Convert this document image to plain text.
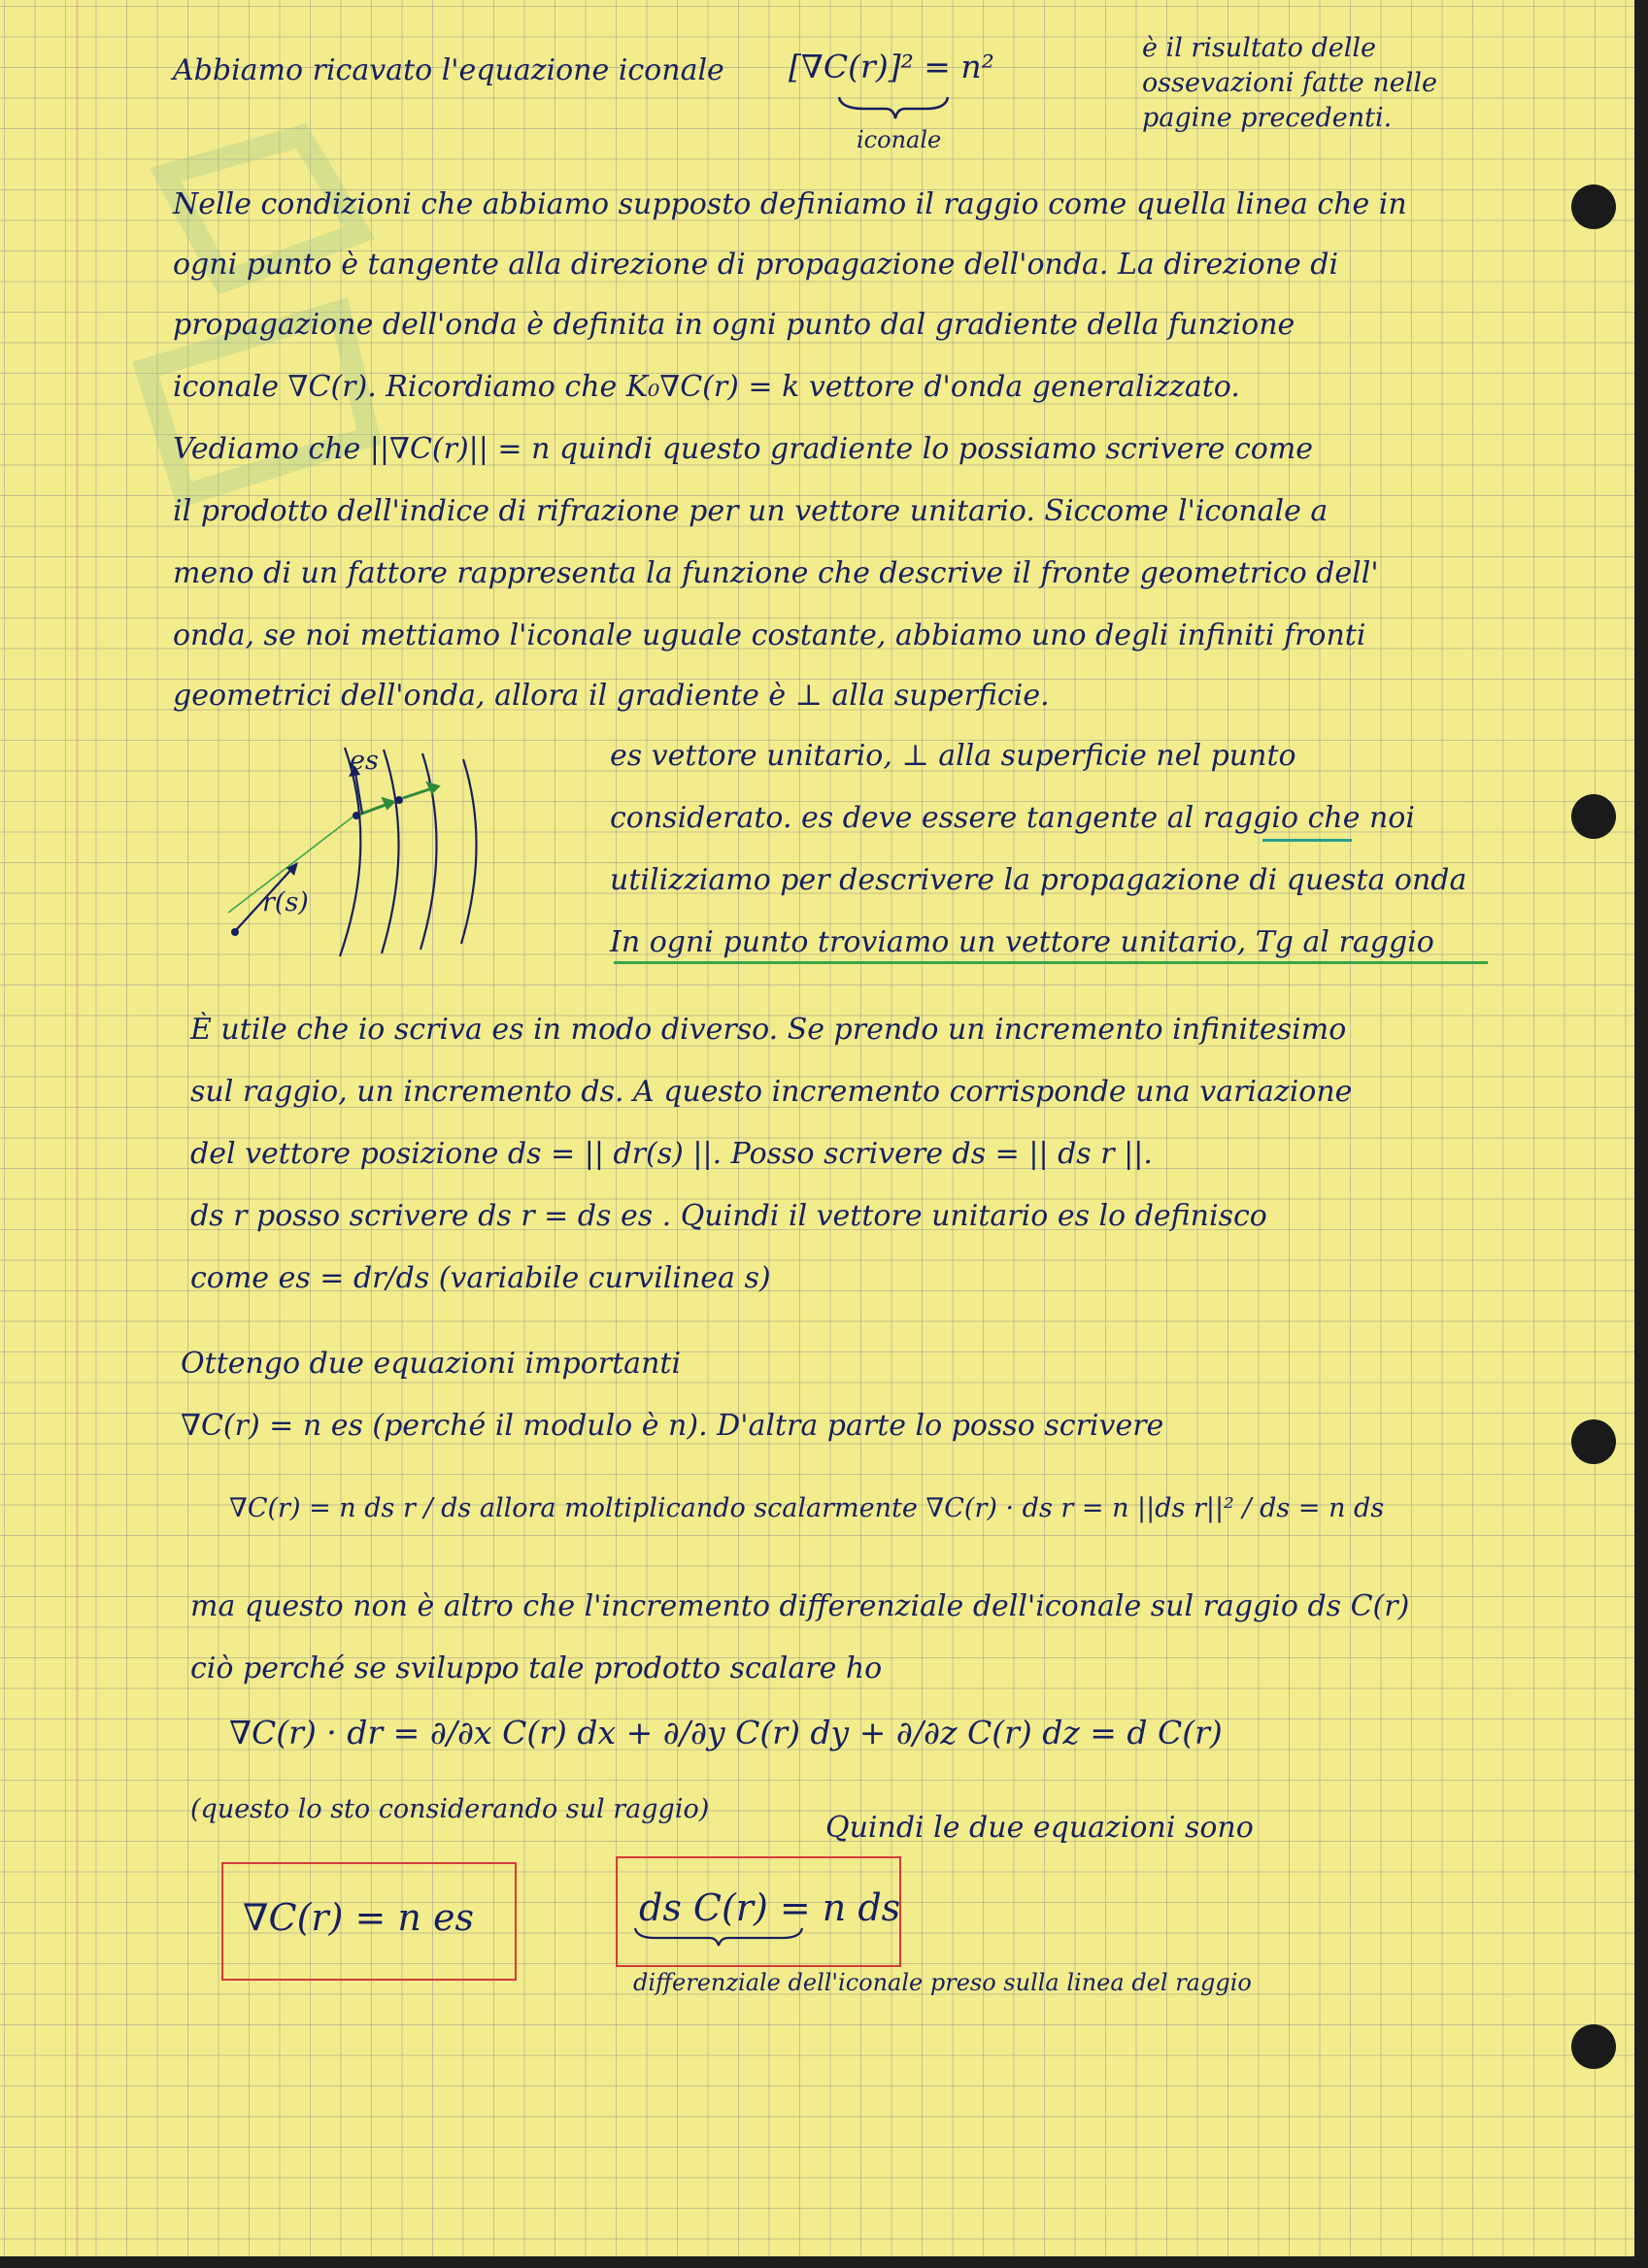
Abbiamo ricavato l'equazione iconale [∇C(r)]² = n²
iconale
è il risultato delle
ossevazioni fatte nelle
pagine precedenti.
Nelle condizioni che abbiamo supposto definiamo il raggio come quella linea che in
ogni punto è tangente alla direzione di propagazione dell'onda. La direzione di
propagazione dell'onda è definita in ogni punto dal gradiente della funzione
iconale ∇C(r). Ricordiamo che K₀∇C(r) = k vettore d'onda generalizzato.
Vediamo che ||∇C(r)|| = n quindi questo gradiente lo possiamo scrivere come
il prodotto dell'indice di rifrazione per un vettore unitario. Siccome l'iconale a
meno di un fattore rappresenta la funzione che descrive il fronte geometrico dell'
onda, se noi mettiamo l'iconale uguale costante, abbiamo uno degli infiniti fronti
geometrici dell'onda, allora il gradiente è ⊥ alla superficie.
es
r(s)
es vettore unitario, ⊥ alla superficie nel punto
considerato. es deve essere tangente al raggio che noi
utilizziamo per descrivere la propagazione di questa onda
In ogni punto troviamo un vettore unitario, Tg al raggio
È utile che io scriva es in modo diverso. Se prendo un incremento infinitesimo
sul raggio, un incremento ds. A questo incremento corrisponde una variazione
del vettore posizione ds = || dr(s) ||. Posso scrivere ds = || ds r ||.
ds r posso scrivere ds r = ds es . Quindi il vettore unitario es lo definisco
come es = dr/ds (variabile curvilinea s)
Ottengo due equazioni importanti
∇C(r) = n es (perché il modulo è n). D'altra parte lo posso scrivere
∇C(r) = n ds r / ds allora moltiplicando scalarmente ∇C(r) · ds r = n ||ds r||² / ds = n ds
ma questo non è altro che l'incremento differenziale dell'iconale sul raggio ds C(r)
ciò perché se sviluppo tale prodotto scalare ho
∇C(r) · dr = ∂/∂x C(r) dx + ∂/∂y C(r) dy + ∂/∂z C(r) dz = d C(r)
(questo lo sto considerando sul raggio)
Quindi le due equazioni sono
∇C(r) = n es	ds C(r) = n ds
differenziale dell'iconale preso sulla linea del raggio
